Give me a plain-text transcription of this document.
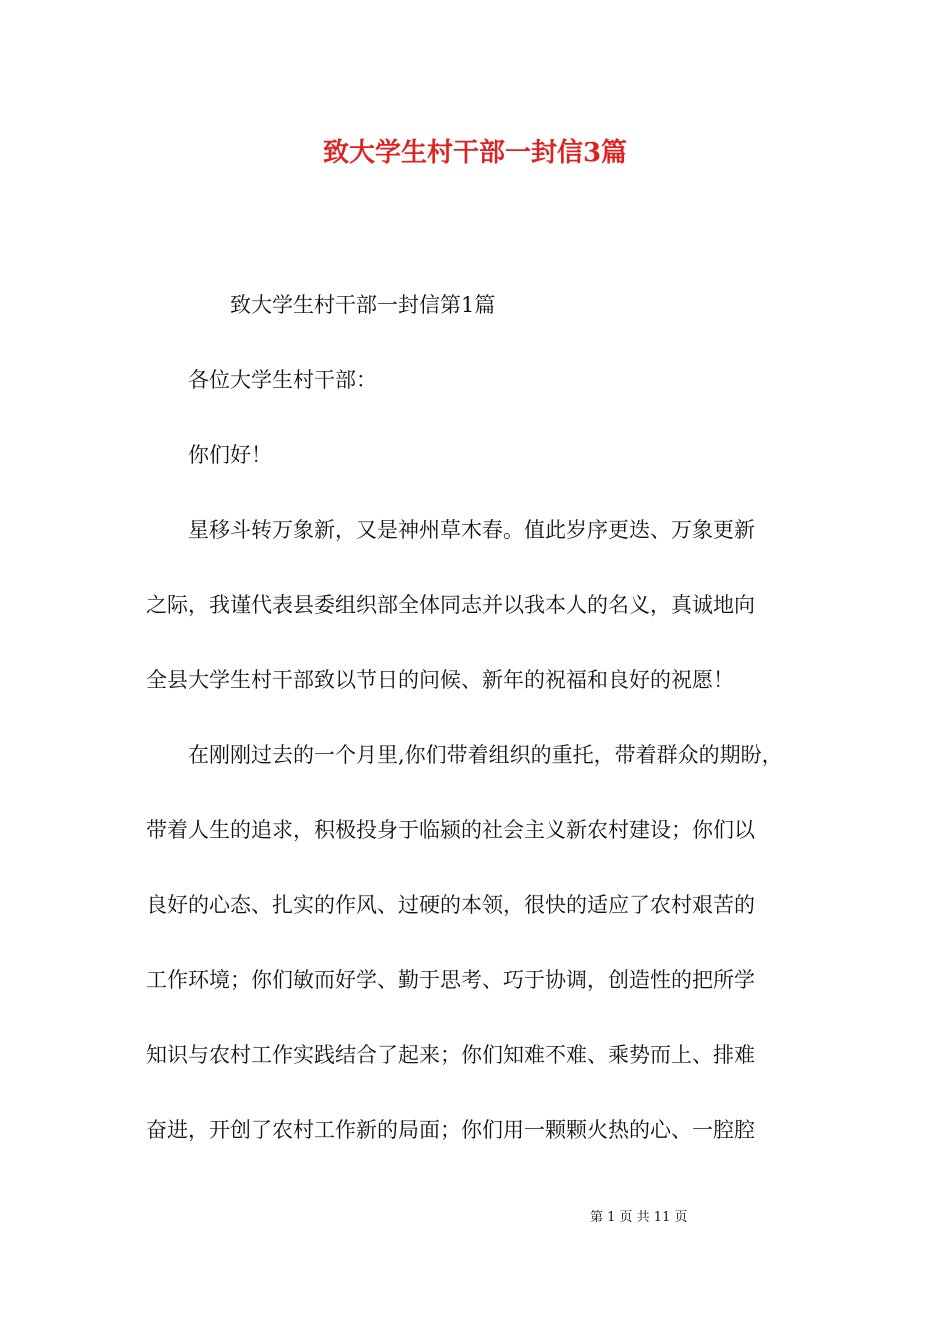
致大学生村干部一封信3篇

致大学生村干部一封信第1篇

各位大学生村干部：

你们好！

星移斗转万象新，又是神州草木春。值此岁序更迭、万象更新

之际，我谨代表县委组织部全体同志并以我本人的名义，真诚地向

全县大学生村干部致以节日的问候、新年的祝福和良好的祝愿！

在刚刚过去的一个月里,你们带着组织的重托，带着群众的期盼，

带着人生的追求，积极投身于临颍的社会主义新农村建设；你们以

良好的心态、扎实的作风、过硬的本领，很快的适应了农村艰苦的

工作环境；你们敏而好学、勤于思考、巧于协调，创造性的把所学

知识与农村工作实践结合了起来；你们知难不难、乘势而上、排难

奋进，开创了农村工作新的局面；你们用一颗颗火热的心、一腔腔

第 1 页 共 11 页
